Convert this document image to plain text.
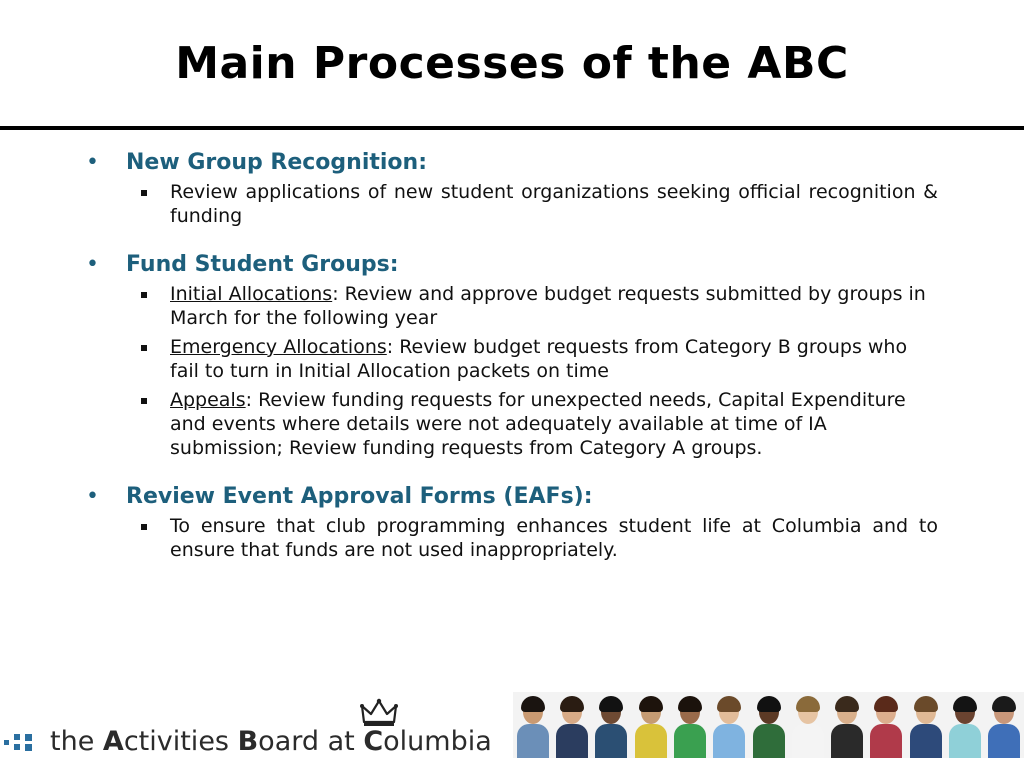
Main Processes of the ABC
•	New Group Recognition:
Review applications of new student organizations seeking official recognition & funding
•	Fund Student Groups:
Initial Allocations: Review and approve budget requests submitted by groups in March for the following year
Emergency Allocations: Review budget requests from Category B groups who fail to turn in Initial Allocation packets on time
Appeals: Review funding requests for unexpected needs, Capital Expenditure and events where details were not adequately available at time of IA submission; Review funding requests from Category A groups.
•	Review Event Approval Forms (EAFs):
To ensure that club programming enhances student life at Columbia and to ensure that funds are not used inappropriately.
the Activities Board at Columbia
